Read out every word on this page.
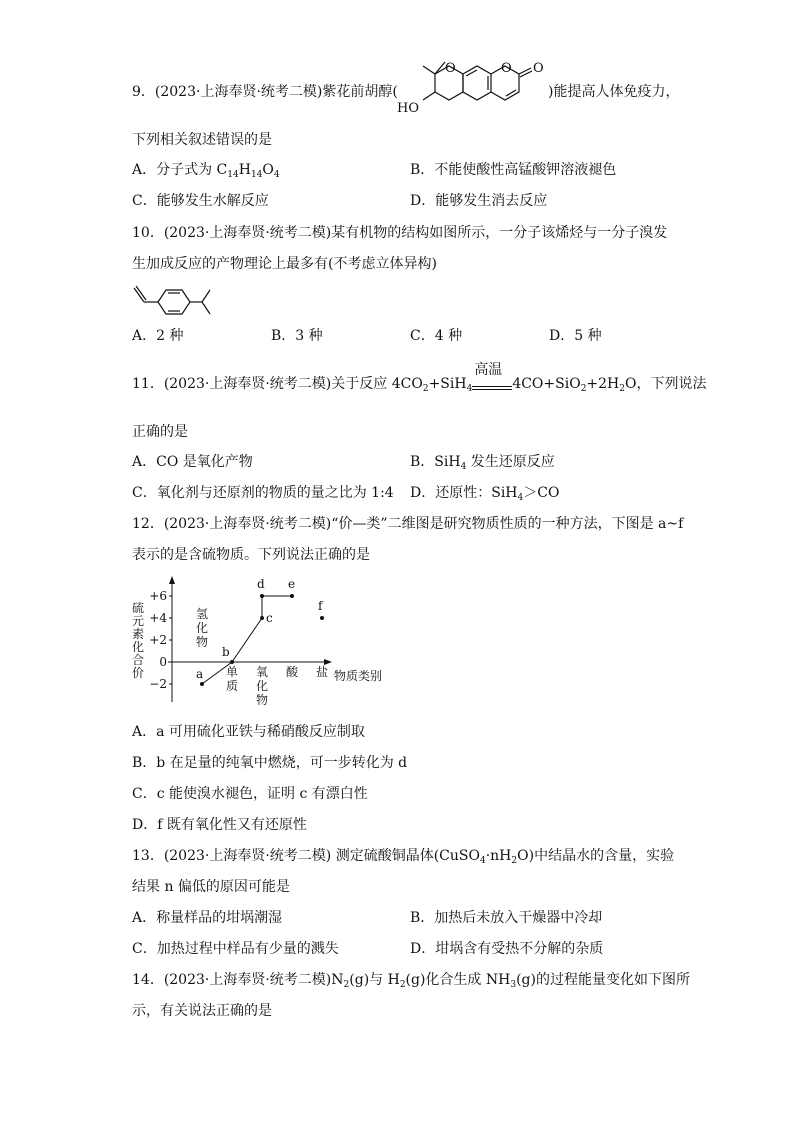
9．(2023·上海奉贤·统考二模)紫花前胡醇(
O	O O
HO
)能提高人体免疫力，
下列相关叙述错误的是
A．分子式为 $C_{14}H_{14}O_4$	B．不能使酸性高锰酸钾溶液褪色
C．能够发生水解反应	D．能够发生消去反应
10．(2023·上海奉贤·统考二模)某有机物的结构如图所示，一分子该烯烃与一分子溴发
生加成反应的产物理论上最多有(不考虑立体异构)
A．2 种	B．3 种	C．4 种	D．5 种
11．(2023·上海奉贤·统考二模)关于反应 $4CO_2+SiH_4$
高温
$4CO+SiO_2+2H_2O$，下列说法
正确的是
A．CO 是氧化产物	B．SiH$_4$ 发生还原反应
C．氧化剂与还原剂的物质的量之比为 1:4 D．还原性：SiH$_4$＞CO
12．(2023·上海奉贤·统考二模)“价—类”二维图是研究物质性质的一种方法，下图是 a~f
表示的是含硫物质。下列说法正确的是
+6
+4
+2
0
−2
硫
元
素
化
合
价
氢
化
物
单
质
氧
化
物
酸 盐 物质类别
a
b
c
d e
f
A．a 可用硫化亚铁与稀硝酸反应制取
B．b 在足量的纯氧中燃烧，可一步转化为 d
C．c 能使溴水褪色，证明 c 有漂白性
D．f 既有氧化性又有还原性
13．(2023·上海奉贤·统考二模) 测定硫酸铜晶体$(CuSO_4\cdot nH_2O)$中结晶水的含量，实验
结果 n 偏低的原因可能是
A．称量样品的坩埚潮湿	B．加热后未放入干燥器中冷却
C．加热过程中样品有少量的溅失	D．坩埚含有受热不分解的杂质
14．(2023·上海奉贤·统考二模)$N_2(g)$与 $H_2(g)$化合生成 $NH_3(g)$的过程能量变化如下图所
示，有关说法正确的是
